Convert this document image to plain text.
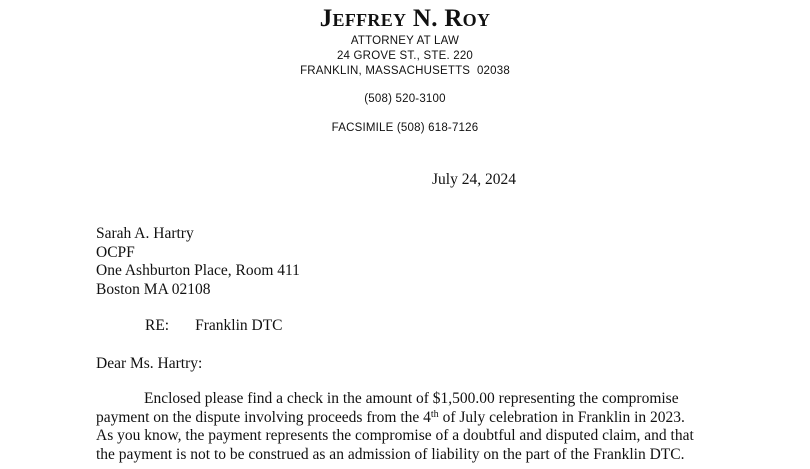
Jeffrey N. Roy
ATTORNEY AT LAW
24 GROVE ST., STE. 220
FRANKLIN, MASSACHUSETTS  02038
(508) 520-3100
FACSIMILE (508) 618-7126
July 24, 2024
Sarah A. Hartry
OCPF
One Ashburton Place, Room 411
Boston MA 02108
RE: Franklin DTC
Dear Ms. Hartry:
Enclosed please find a check in the amount of $1,500.00 representing the compromise
payment on the dispute involving proceeds from the 4th of July celebration in Franklin in 2023.
As you know, the payment represents the compromise of a doubtful and disputed claim, and that
the payment is not to be construed as an admission of liability on the part of the Franklin DTC.
